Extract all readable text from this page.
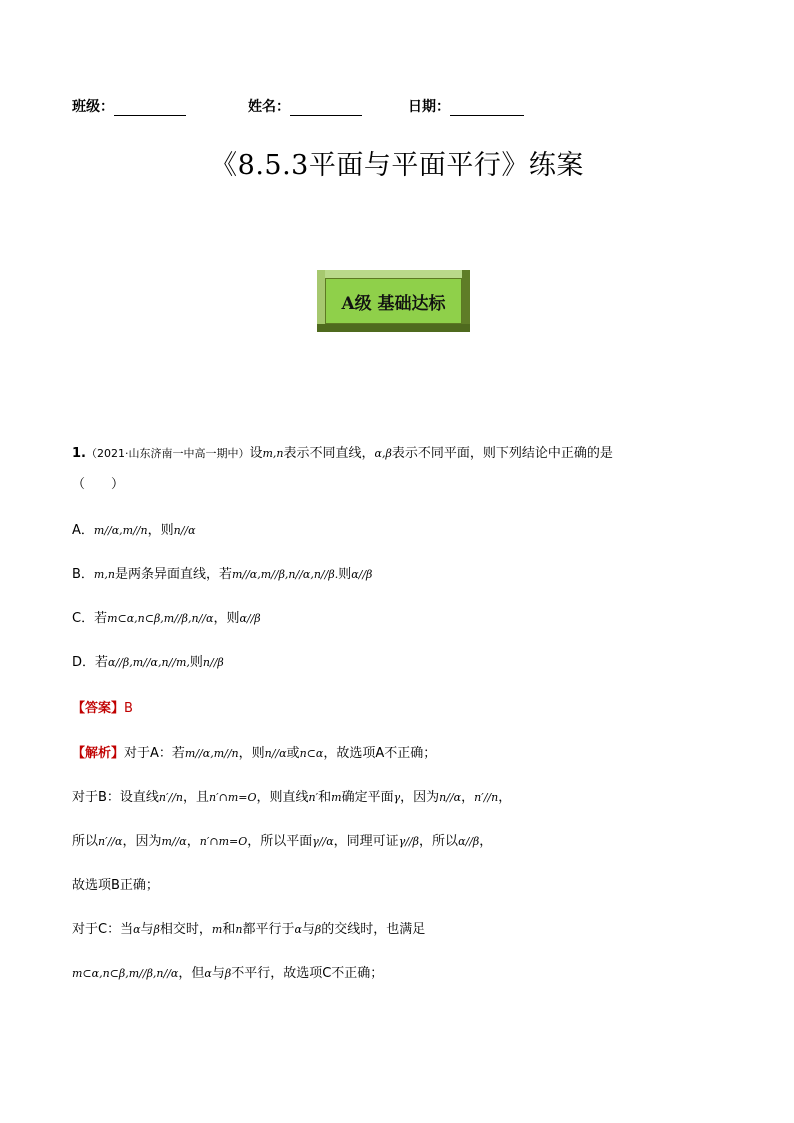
班级：	姓名：	日期：
《8.5.3平面与平面平行》练案
A级 基础达标
1.（2021·山东济南一中高一期中）设m,n表示不同直线，α,β表示不同平面，则下列结论中正确的是
（　　）
A．m//α,m//n，则n//α
B．m,n是两条异面直线，若m//α,m//β,n//α,n//β.则α//β
C．若m⊂α,n⊂β,m//β,n//α，则α//β
D．若α//β,m//α,n//m,则n//β
【答案】B
【解析】对于A：若m//α,m//n，则n//α或n⊂α，故选项A不正确；
对于B：设直线n′//n，且n′∩m=O，则直线n′和m确定平面γ，因为n//α，n′//n，
所以n′//α，因为m//α，n′∩m=O，所以平面γ//α，同理可证γ//β，所以α//β，
故选项B正确；
对于C：当α与β相交时，m和n都平行于α与β的交线时，也满足
m⊂α,n⊂β,m//β,n//α，但α与β不平行，故选项C不正确；
